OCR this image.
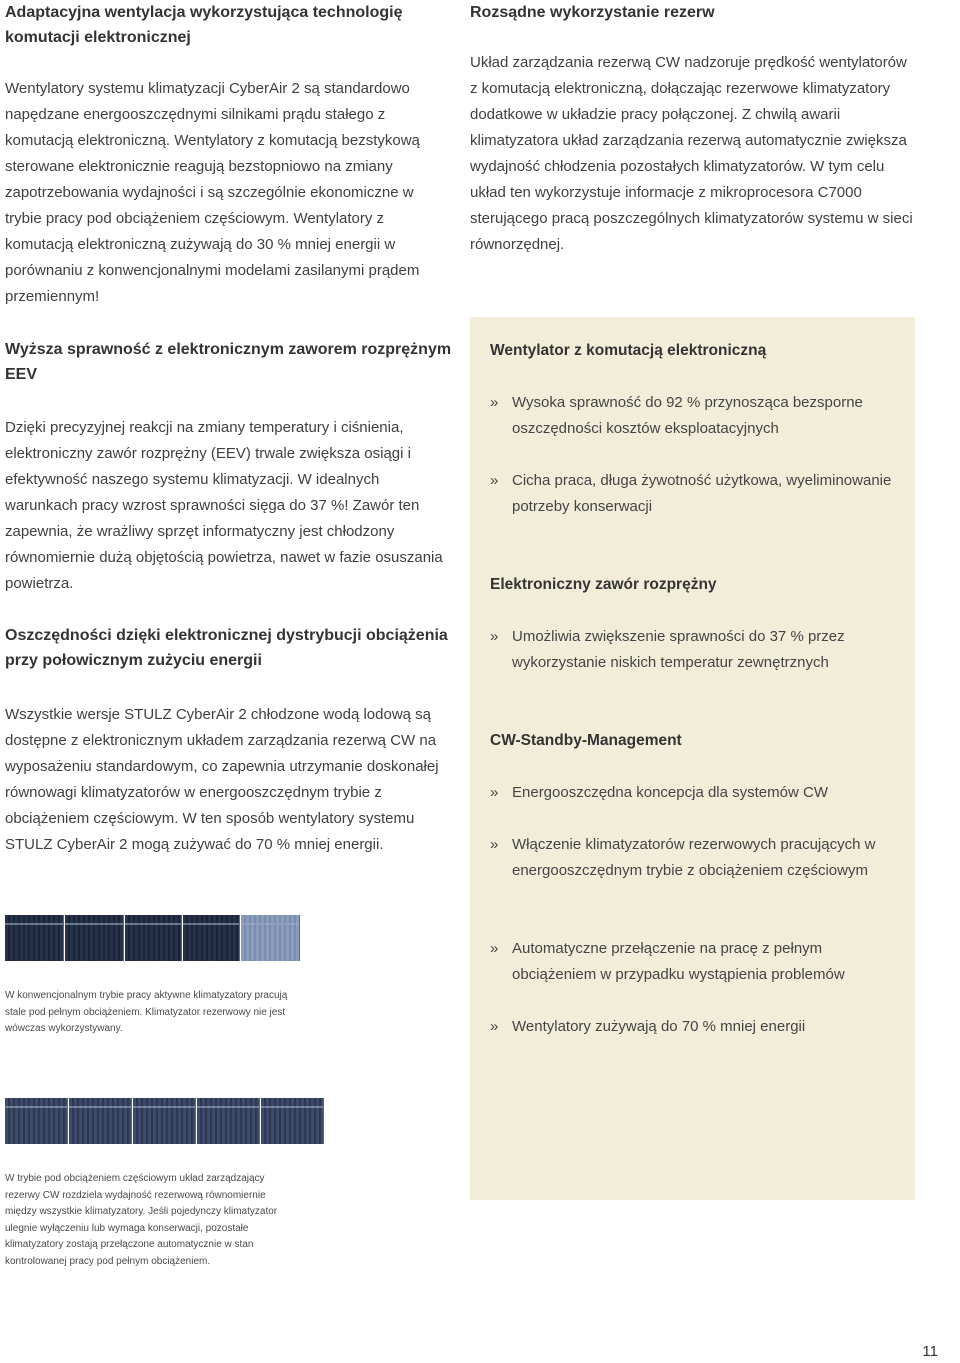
Adaptacyjna wentylacja wykorzystująca technologię komutacji elektronicznej

Wentylatory systemu klimatyzacji CyberAir 2 są standardowo napędzane energooszczędnymi silnikami prądu stałego z komutacją elektroniczną. Wentylatory z komutacją bezstykową sterowane elektronicznie reagują bezstopniowo na zmiany zapotrzebowania wydajności i są szczególnie ekonomiczne w trybie pracy pod obciążeniem częściowym. Wentylatory z komutacją elektroniczną zużywają do 30 % mniej energii w porównaniu z konwencjonalnymi modelami zasilanymi prądem przemiennym!

Wyższa sprawność z elektronicznym zaworem rozprężnym EEV

Dzięki precyzyjnej reakcji na zmiany temperatury i ciśnienia, elektroniczny zawór rozprężny (EEV) trwale zwiększa osiągi i efektywność naszego systemu klimatyzacji. W idealnych warunkach pracy wzrost sprawności sięga do 37 %! Zawór ten zapewnia, że wrażliwy sprzęt informatyczny jest chłodzony równomiernie dużą objętością powietrza, nawet w fazie osuszania powietrza.

Oszczędności dzięki elektronicznej dystrybucji obciążenia przy połowicznym zużyciu energii

Wszystkie wersje STULZ CyberAir 2 chłodzone wodą lodową są dostępne z elektronicznym układem zarządzania rezerwą CW na wyposażeniu standardowym, co zapewnia utrzymanie doskonałej równowagi klimatyzatorów w energooszczędnym trybie z obciążeniem częściowym. W ten sposób wentylatory systemu STULZ CyberAir 2 mogą zużywać do 70 % mniej energii.

W konwencjonalnym trybie pracy aktywne klimatyzatory pracują stale pod pełnym obciążeniem. Klimatyzator rezerwowy nie jest wówczas wykorzystywany.

W trybie pod obciążeniem częściowym układ zarządzający rezerwy CW rozdziela wydajność rezerwową równomiernie między wszystkie klimatyzatory. Jeśli pojedynczy klimatyzator ulegnie wyłączeniu lub wymaga konserwacji, pozostałe klimatyzatory zostają przełączone automatycznie w stan kontrolowanej pracy pod pełnym obciążeniem.

Rozsądne wykorzystanie rezerw

Układ zarządzania rezerwą CW nadzoruje prędkość wentylatorów z komutacją elektroniczną, dołączając rezerwowe klimatyzatory dodatkowe w układzie pracy połączonej. Z chwilą awarii klimatyzatora układ zarządzania rezerwą automatycznie zwiększa wydajność chłodzenia pozostałych klimatyzatorów. W tym celu układ ten wykorzystuje informacje z mikroprocesora C7000 sterującego pracą poszczególnych klimatyzatorów systemu w sieci równorzędnej.

Wentylator z komutacją elektroniczną
» Wysoka sprawność do 92 % przynosząca bezsporne oszczędności kosztów eksploatacyjnych
» Cicha praca, długa żywotność użytkowa, wyeliminowanie potrzeby konserwacji
Elektroniczny zawór rozprężny
» Umożliwia zwiększenie sprawności do 37 % przez wykorzystanie niskich temperatur zewnętrznych
CW-Standby-Management
» Energooszczędna koncepcja dla systemów CW
» Włączenie klimatyzatorów rezerwowych pracujących w energooszczędnym trybie z obciążeniem częściowym
» Automatyczne przełączenie na pracę z pełnym obciążeniem w przypadku wystąpienia problemów
» Wentylatory zużywają do 70 % mniej energii
11
